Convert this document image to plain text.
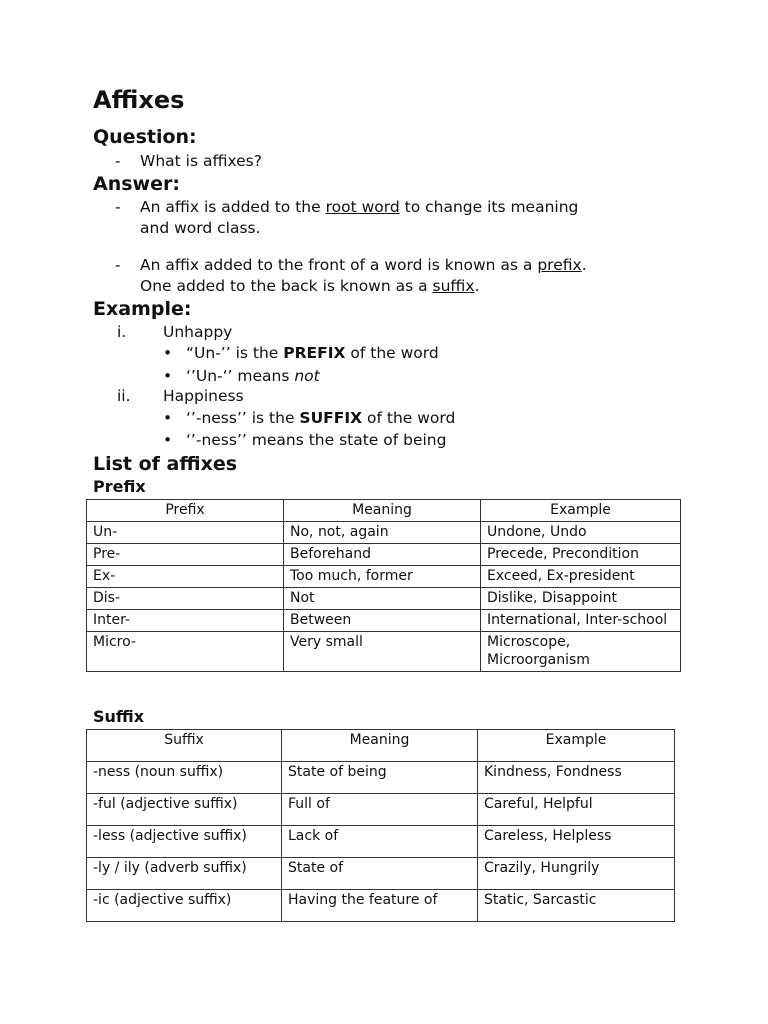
Affixes
Question:
- What is affixes?
Answer:
- An affix is added to the root word to change its meaning
and word class.
- An affix added to the front of a word is known as a prefix.
One added to the back is known as a suffix.
Example:
i. Unhappy
• “Un-’’ is the PREFIX of the word
• ‘’Un-‘’ means not
ii. Happiness
• ‘’-ness’’ is the SUFFIX of the word
• ‘’-ness’’ means the state of being
List of affixes
Prefix
Prefix	Meaning	Example
Un-	No, not, again	Undone, Undo
Pre-	Beforehand	Precede, Precondition
Ex-	Too much, former	Exceed, Ex-president
Dis-	Not	Dislike, Disappoint
Inter-	Between	International, Inter-school
Micro-	Very small	Microscope, Microorganism
Suffix
Suffix	Meaning	Example
-ness (noun suffix)	State of being	Kindness, Fondness
-ful (adjective suffix)	Full of	Careful, Helpful
-less (adjective suffix)	Lack of	Careless, Helpless
-ly / ily (adverb suffix)	State of	Crazily, Hungrily
-ic (adjective suffix)	Having the feature of	Static, Sarcastic
